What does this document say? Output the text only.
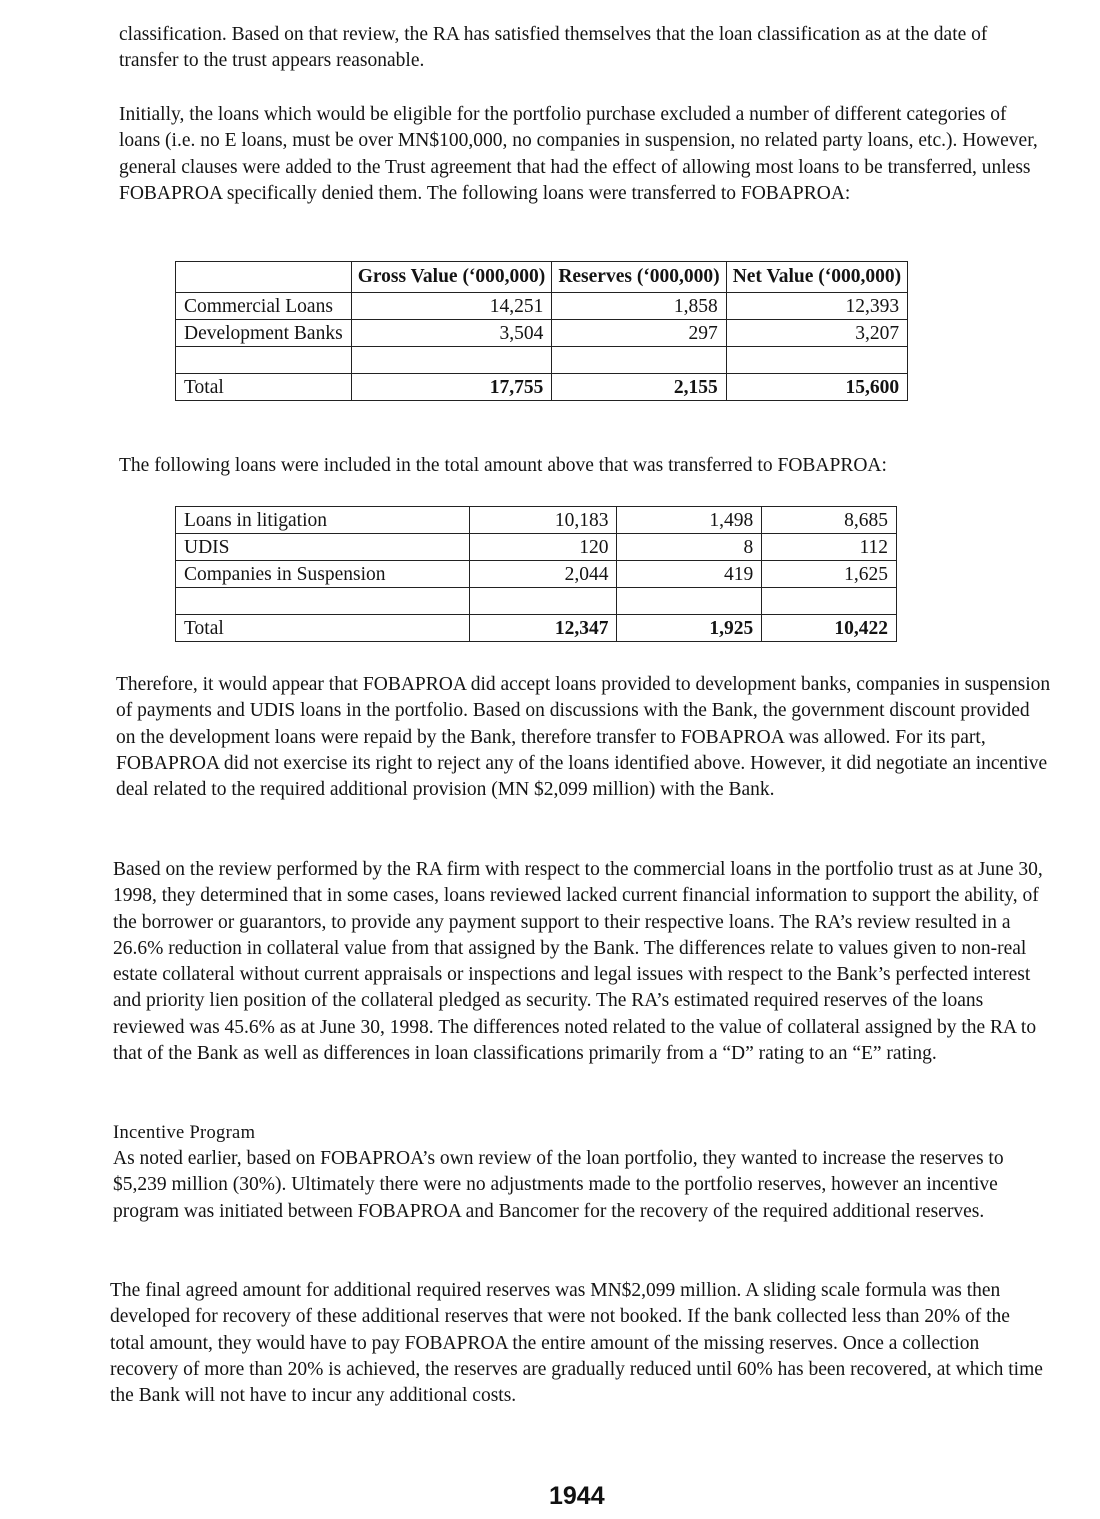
classification. Based on that review, the RA has satisfied themselves that the loan classification as at the date of transfer to the trust appears reasonable.

Initially, the loans which would be eligible for the portfolio purchase excluded a number of different categories of loans (i.e. no E loans, must be over MN$100,000, no companies in suspension, no related party loans, etc.). However, general clauses were added to the Trust agreement that had the effect of allowing most loans to be transferred, unless FOBAPROA specifically denied them. The following loans were transferred to FOBAPROA:

	Gross Value (‘000,000)	Reserves (‘000,000)	Net Value (‘000,000)
Commercial Loans	14,251	1,858	12,393
Development Banks	3,504	297	3,207

Total	17,755	2,155	15,600

The following loans were included in the total amount above that was transferred to FOBAPROA:

Loans in litigation	10,183	1,498	8,685
UDIS	120	8	112
Companies in Suspension	2,044	419	1,625

Total	12,347	1,925	10,422

Therefore, it would appear that FOBAPROA did accept loans provided to development banks, companies in suspension of payments and UDIS loans in the portfolio. Based on discussions with the Bank, the government discount provided on the development loans were repaid by the Bank, therefore transfer to FOBAPROA was allowed. For its part, FOBAPROA did not exercise its right to reject any of the loans identified above. However, it did negotiate an incentive deal related to the required additional provision (MN $2,099 million) with the Bank.

Based on the review performed by the RA firm with respect to the commercial loans in the portfolio trust as at June 30, 1998, they determined that in some cases, loans reviewed lacked current financial information to support the ability, of the borrower or guarantors, to provide any payment support to their respective loans. The RA’s review resulted in a 26.6% reduction in collateral value from that assigned by the Bank. The differences relate to values given to non-real estate collateral without current appraisals or inspections and legal issues with respect to the Bank’s perfected interest and priority lien position of the collateral pledged as security. The RA’s estimated required reserves of the loans reviewed was 45.6% as at June 30, 1998. The differences noted related to the value of collateral assigned by the RA to that of the Bank as well as differences in loan classifications primarily from a “D” rating to an “E” rating.

Incentive Program

As noted earlier, based on FOBAPROA’s own review of the loan portfolio, they wanted to increase the reserves to $5,239 million (30%). Ultimately there were no adjustments made to the portfolio reserves, however an incentive program was initiated between FOBAPROA and Bancomer for the recovery of the required additional reserves.

The final agreed amount for additional required reserves was MN$2,099 million. A sliding scale formula was then developed for recovery of these additional reserves that were not booked. If the bank collected less than 20% of the total amount, they would have to pay FOBAPROA the entire amount of the missing reserves. Once a collection recovery of more than 20% is achieved, the reserves are gradually reduced until 60% has been recovered, at which time the Bank will not have to incur any additional costs.

1944
